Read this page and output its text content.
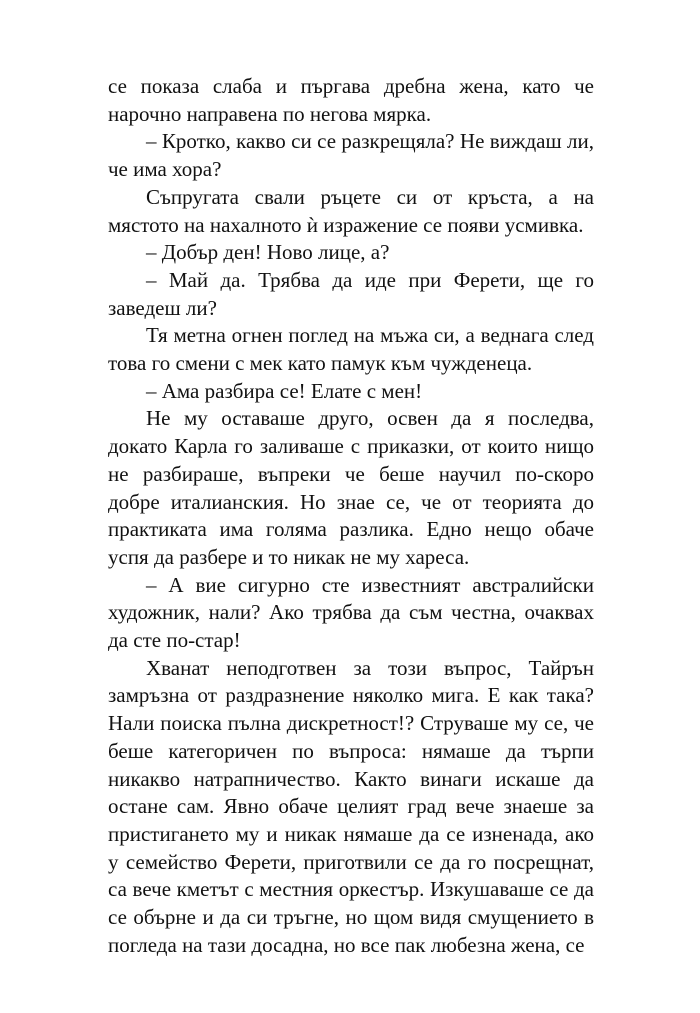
се показа слаба и пъргава дребна жена, като че нарочно направена по негова мярка.

– Кротко, какво си се разкрещяла? Не виждаш ли, че има хора?

Съпругата свали ръцете си от кръста, а на мястото на нахалното ѝ изражение се появи усмивка.

– Добър ден! Ново лице, а?

– Май да. Трябва да иде при Ферети, ще го заведеш ли?

Тя метна огнен поглед на мъжа си, а веднага след това го смени с мек като памук към чужденеца.

– Ама разбира се! Елате с мен!

Не му оставаше друго, освен да я последва, докато Карла го заливаше с приказки, от които нищо не разбираше, въпреки че беше научил по-скоро добре италианския. Но знае се, че от теорията до практиката има голяма разлика. Едно нещо обаче успя да разбере и то никак не му хареса.

– А вие сигурно сте известният австралийски художник, нали? Ако трябва да съм честна, очаквах да сте по-стар!

Хванат неподготвен за този въпрос, Тайрън замръзна от раздразнение няколко мига. Е как така? Нали поиска пълна дискретност!? Струваше му се, че беше категоричен по въпроса: нямаше да търпи никакво натрапничество. Както винаги искаше да остане сам. Явно обаче целият град вече знаеше за пристигането му и никак нямаше да се изненада, ако у семейство Ферети, приготвили се да го посрещнат, са вече кметът с местния оркестър. Изкушаваше се да се обърне и да си тръгне, но щом видя смущението в погледа на тази досадна, но все пак любезна жена, се
